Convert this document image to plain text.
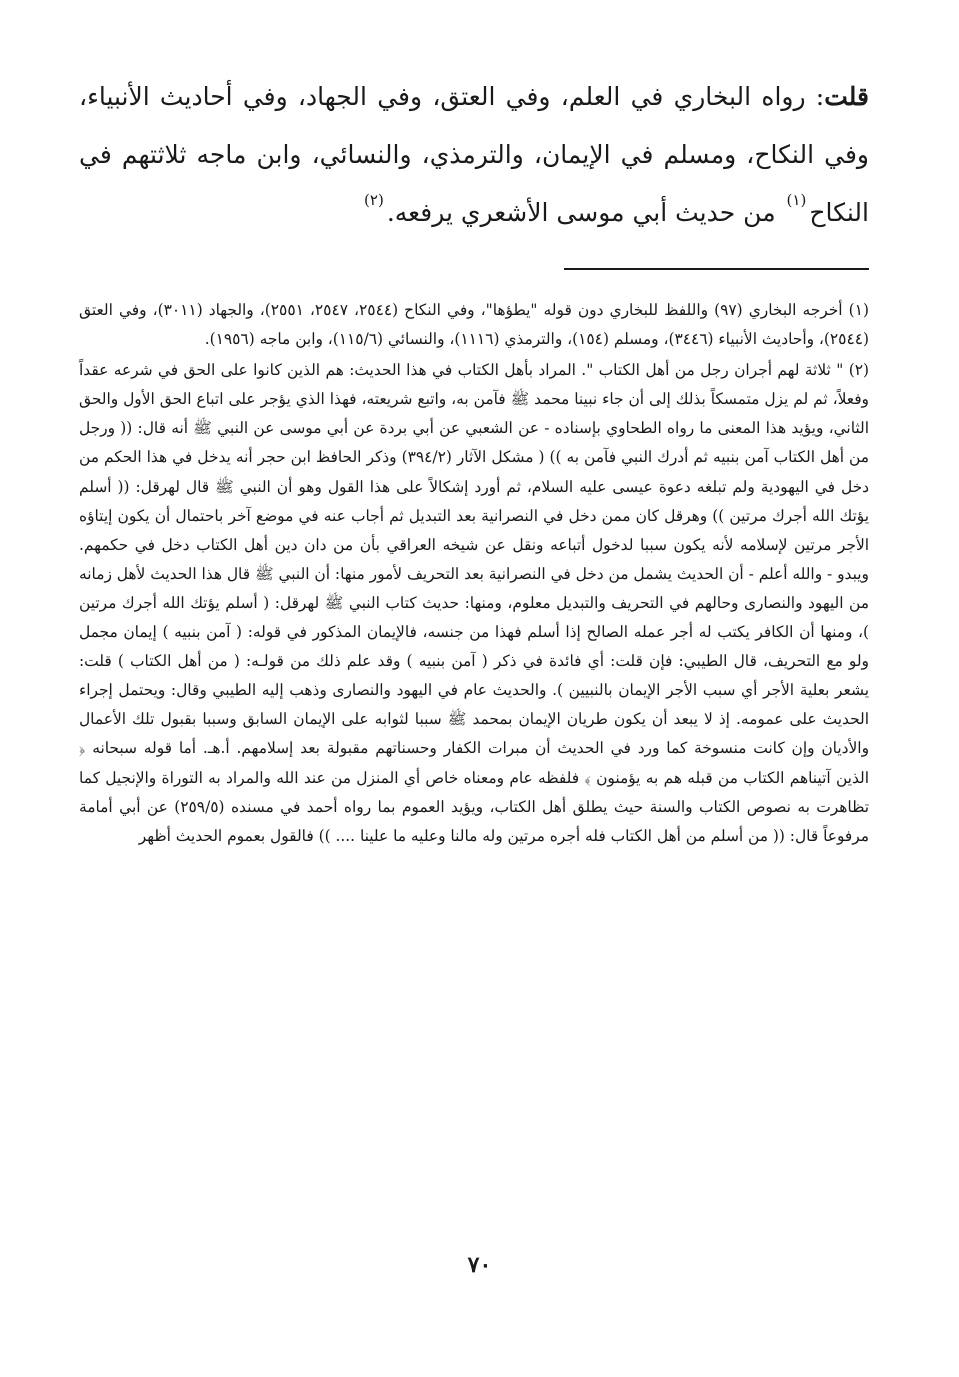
قلت: رواه البخاري في العلم، وفي العتق، وفي الجهاد، وفي أحاديث الأنبياء، وفي النكاح، ومسلم في الإيمان، والترمذي، والنسائي، وابن ماجه ثلاثتهم في النكاح$^{(١)}$ من حديث أبي موسى الأشعري يرفعه.$^{(٢)}$

(١) أخرجه البخاري (٩٧) واللفظ للبخاري دون قوله "يطؤها"، وفي النكاح (٢٥٤٤، ٢٥٤٧، ٢٥٥١)، والجهاد (٣٠١١)، وفي العتق (٢٥٤٤)، وأحاديث الأنبياء (٣٤٤٦)، ومسلم (١٥٤)، والترمذي (١١١٦)، والنسائي (١١٥/٦)، وابن ماجه (١٩٥٦).
(٢) " ثلاثة لهم أجران رجل من أهل الكتاب ". المراد بأهل الكتاب في هذا الحديث: هم الذين كانوا على الحق في شرعه عقداً وفعلاً، ثم لم يزل متمسكاً بذلك إلى أن جاء نبينا محمد ﷺ فآمن به، واتبع شريعته، فهذا الذي يؤجر على اتباع الحق الأول والحق الثاني، ويؤيد هذا المعنى ما رواه الطحاوي بإسناده - عن الشعبي عن أبي بردة عن أبي موسى عن النبي ﷺ أنه قال: (( ورجل من أهل الكتاب آمن بنبيه ثم أدرك النبي فآمن به )) ( مشكل الآثار (٣٩٤/٢) وذكر الحافظ ابن حجر أنه يدخل في هذا الحكم من دخل في اليهودية ولم تبلغه دعوة عيسى عليه السلام، ثم أورد إشكالاً على هذا القول وهو أن النبي ﷺ قال لهرقل: (( أسلم يؤتك الله أجرك مرتين )) وهرقل كان ممن دخل في النصرانية بعد التبديل ثم أجاب عنه في موضع آخر باحتمال أن يكون إيتاؤه الأجر مرتين لإسلامه لأنه يكون سببا لدخول أتباعه ونقل عن شيخه العراقي بأن من دان دين أهل الكتاب دخل في حكمهم. ويبدو - والله أعلم - أن الحديث يشمل من دخل في النصرانية بعد التحريف لأمور منها: أن النبي ﷺ قال هذا الحديث لأهل زمانه من اليهود والنصارى وحالهم في التحريف والتبديل معلوم، ومنها: حديث كتاب النبي ﷺ لهرقل: ( أسلم يؤتك الله أجرك مرتين )، ومنها أن الكافر يكتب له أجر عمله الصالح إذا أسلم فهذا من جنسه، فالإيمان المذكور في قوله: ( آمن بنبيه ) إيمان مجمل ولو مع التحريف، قال الطيبي: فإن قلت: أي فائدة في ذكر ( آمن بنبيه ) وقد علم ذلك من قولـه: ( من أهل الكتاب ) قلت: يشعر بعلية الأجر أي سبب الأجر الإيمان بالنبيين ). والحديث عام في اليهود والنصارى وذهب إليه الطيبي وقال: ويحتمل إجراء الحديث على عمومه. إذ لا يبعد أن يكون طريان الإيمان بمحمد ﷺ سببا لثوابه على الإيمان السابق وسببا بقبول تلك الأعمال والأديان وإن كانت منسوخة كما ورد في الحديث أن مبرات الكفار وحسناتهم مقبولة بعد إسلامهم. أ.هـ. أما قوله سبحانه ﴿ الذين آتيناهم الكتاب من قبله هم به يؤمنون ﴾ فلفظه عام ومعناه خاص أي المنزل من عند الله والمراد به التوراة والإنجيل كما تظاهرت به نصوص الكتاب والسنة حيث يطلق أهل الكتاب، ويؤيد العموم بما رواه أحمد في مسنده (٢٥٩/٥) عن أبي أمامة مرفوعاً قال: (( من أسلم من أهل الكتاب فله أجره مرتين وله مالنا وعليه ما علينا .... )) فالقول بعموم الحديث أظهر
٧٠
